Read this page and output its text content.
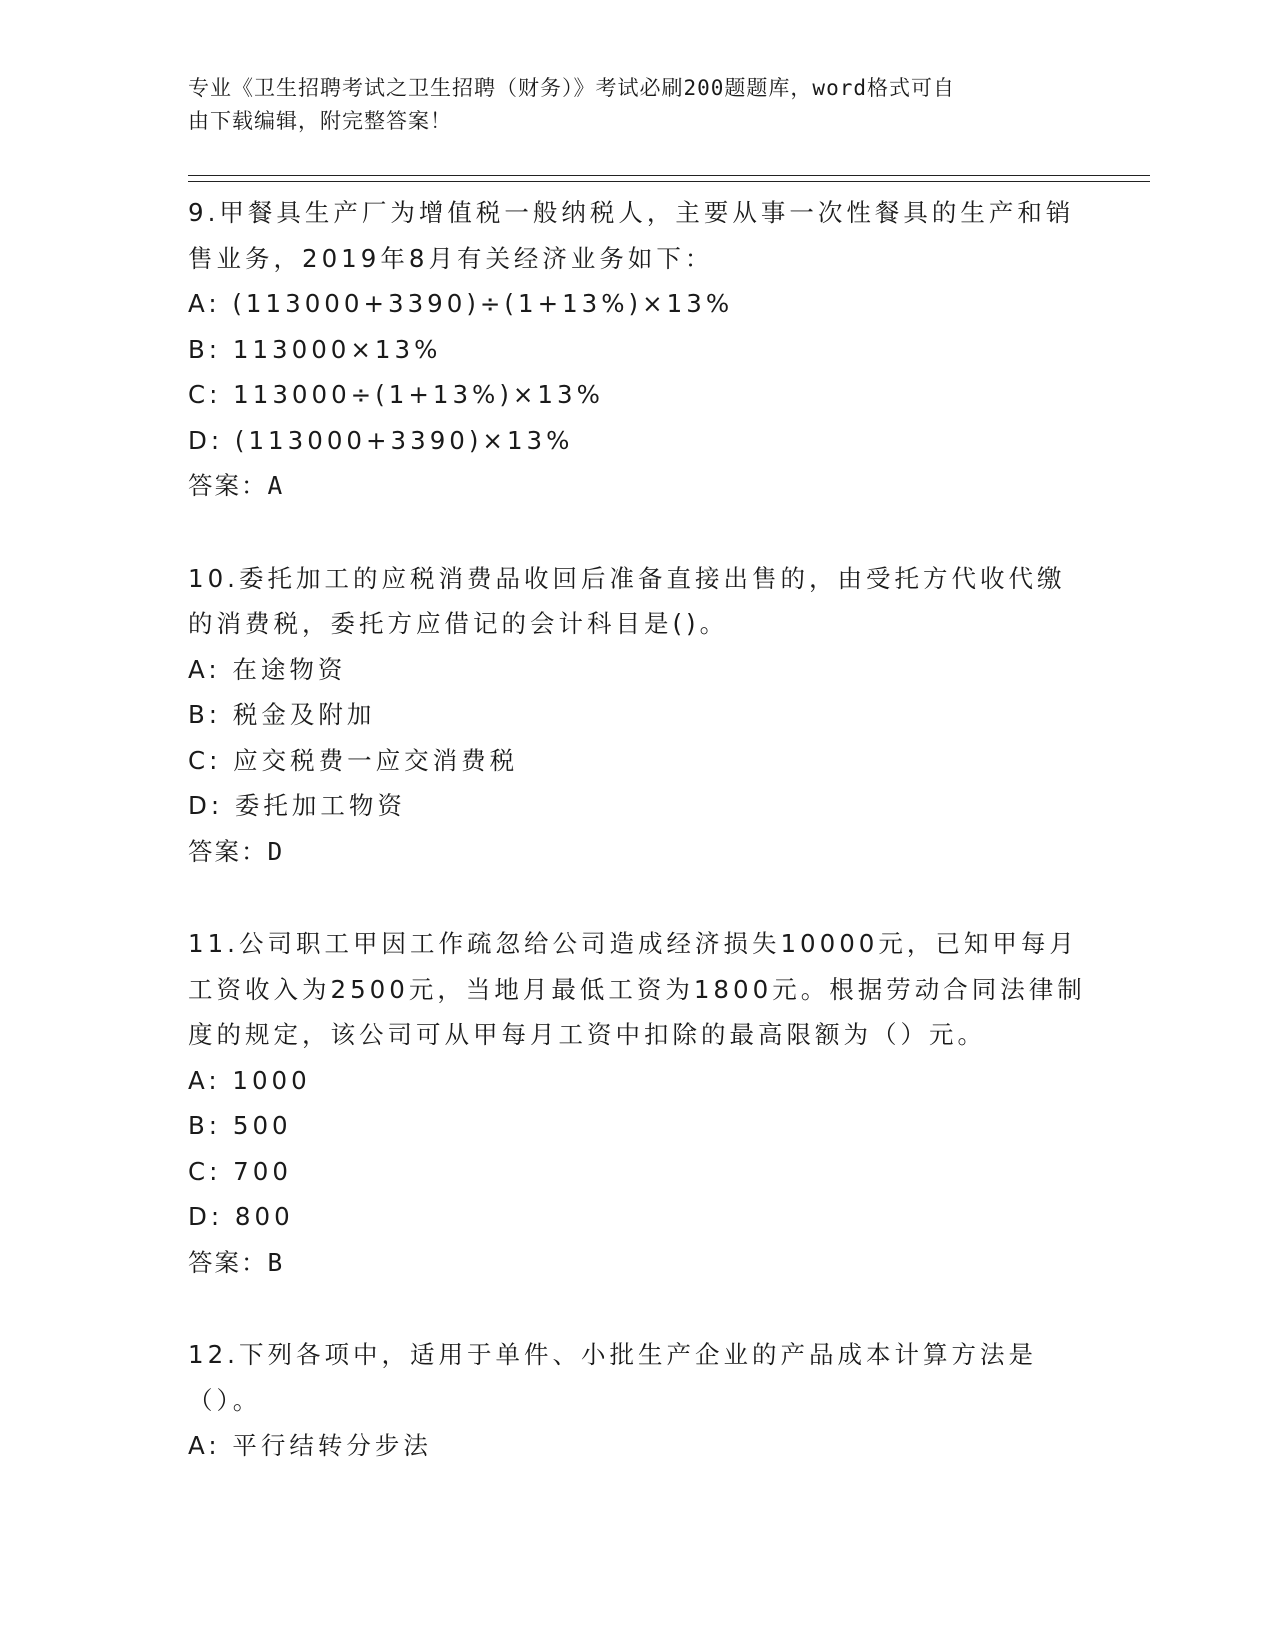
专业《卫生招聘考试之卫生招聘（财务）》考试必刷200题题库，word格式可自
由下载编辑，附完整答案！

9.甲餐具生产厂为增值税一般纳税人，主要从事一次性餐具的生产和销售业务，2019年8月有关经济业务如下：

A: (113000+3390)÷(1+13%)×13%

B: 113000×13%

C: 113000÷(1+13%)×13%

D: (113000+3390)×13%

答案：A

10.委托加工的应税消费品收回后准备直接出售的，由受托方代收代缴的消费税，委托方应借记的会计科目是()。

A: 在途物资

B: 税金及附加

C: 应交税费一应交消费税

D: 委托加工物资

答案：D

11.公司职工甲因工作疏忽给公司造成经济损失10000元，已知甲每月工资收入为2500元，当地月最低工资为1800元。根据劳动合同法律制度的规定，该公司可从甲每月工资中扣除的最高限额为（）元。

A: 1000

B: 500

C: 700

D: 800

答案：B

12.下列各项中，适用于单件、小批生产企业的产品成本计算方法是（）。

A: 平行结转分步法
